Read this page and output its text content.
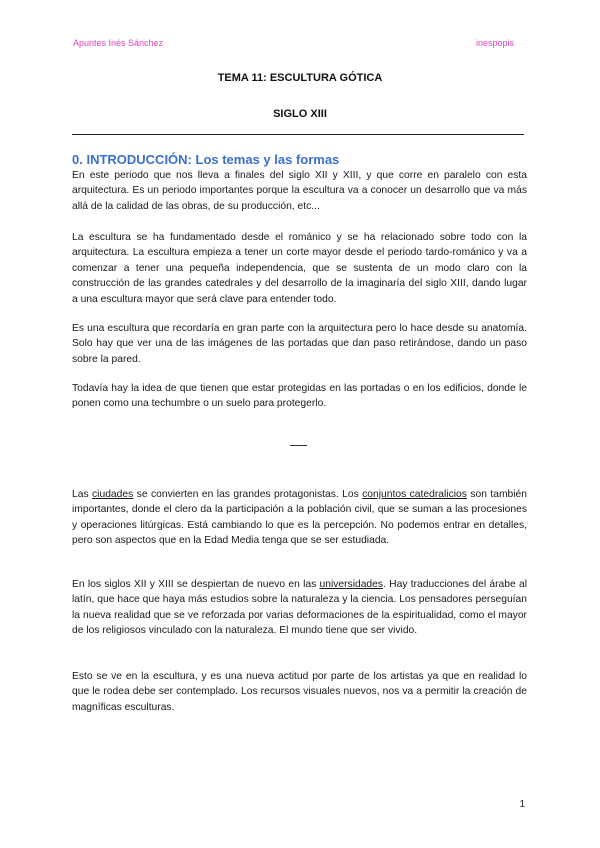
Apuntes Inés Sánchez	inespopis
TEMA 11: ESCULTURA GÓTICA
SIGLO XIII
0. INTRODUCCIÓN: Los temas y las formas

En este periodo que nos lleva a finales del siglo XII y XIII, y que corre en paralelo con esta arquitectura. Es un periodo importantes porque la escultura va a conocer un desarrollo que va más allá de la calidad de las obras, de su producción, etc...

La escultura se ha fundamentado desde el románico y se ha relacionado sobre todo con la arquitectura. La escultura empieza a tener un corte mayor desde el periodo tardo-románico y va a comenzar a tener una pequeña independencia, que se sustenta de un modo claro con la construcción de las grandes catedrales y del desarrollo de la imaginaría del siglo XIII, dando lugar a una escultura mayor que será clave para entender todo.

Es una escultura que recordaría en gran parte con la arquitectura pero lo hace desde su anatomía. Solo hay que ver una de las imágenes de las portadas que dan paso retirándose, dando un paso sobre la pared.

Todavía hay la idea de que tienen que estar protegidas en las portadas o en los edificios, donde le ponen como una techumbre o un suelo para protegerlo.

Las ciudades se convierten en las grandes protagonistas. Los conjuntos catedralicios son también importantes, donde el clero da la participación a la población civil, que se suman a las procesiones y operaciones litúrgicas. Está cambiando lo que es la percepción. No podemos entrar en detalles, pero son aspectos que en la Edad Media tenga que se ser estudiada.

En los siglos XII y XIII se despiertan de nuevo en las universidades. Hay traducciones del árabe al latín, que hace que haya más estudios sobre la naturaleza y la ciencia. Los pensadores perseguían la nueva realidad que se ve reforzada por varias deformaciones de la espiritualidad, como el mayor de los religiosos vinculado con la naturaleza. El mundo tiene que ser vivido.

Esto se ve en la escultura, y es una nueva actitud por parte de los artistas ya que en realidad lo que le rodea debe ser contemplado. Los recursos visuales nuevos, nos va a permitir la creación de magníficas esculturas.

1
